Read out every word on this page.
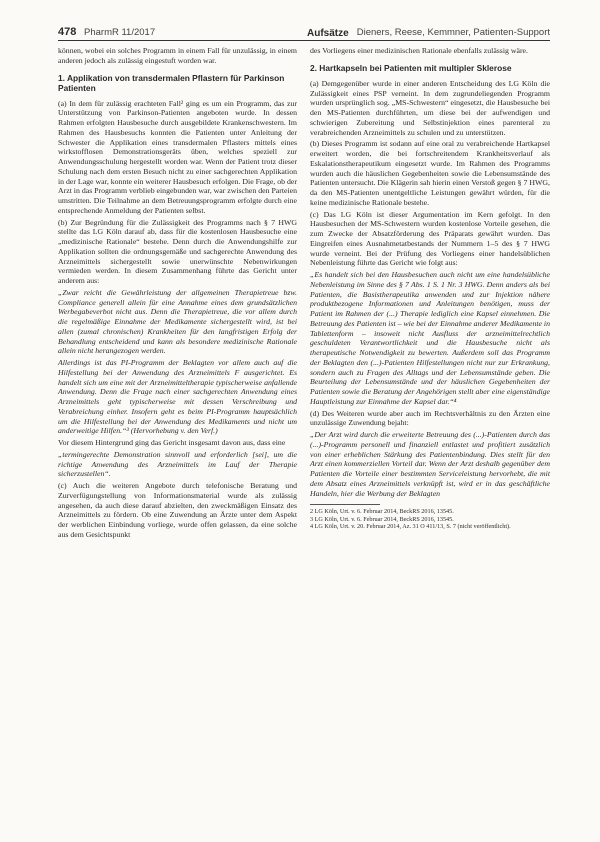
478 PharmR 11/2017	Aufsätze Dieners, Reese, Kemmner, Patienten-Support

können, wobei ein solches Programm in einem Fall für unzulässig, in einem anderen jedoch als zulässig eingestuft worden war.

1. Applikation von transdermalen Pflastern für Parkinson Patienten

(a) In dem für zulässig erachteten Fall² ging es um ein Programm, das zur Unterstützung von Parkinson-Patienten angeboten wurde. In dessen Rahmen erfolgten Hausbesuche durch ausgebildete Krankenschwestern. Im Rahmen des Hausbesuchs konnten die Patienten unter Anleitung der Schwester die Applikation eines transdermalen Pflasters mittels eines wirkstofflosen Demonstrationsgeräts üben, welches speziell zur Anwendungsschulung hergestellt worden war. Wenn der Patient trotz dieser Schulung nach dem ersten Besuch nicht zu einer sachgerechten Applikation in der Lage war, konnte ein weiterer Hausbesuch erfolgen. Die Frage, ob der Arzt in das Programm verblieb eingebunden war, war zwischen den Parteien umstritten. Die Teilnahme an dem Betreuungsprogramm erfolgte durch eine entsprechende Anmeldung der Patienten selbst.

(b) Zur Begründung für die Zulässigkeit des Programms nach § 7 HWG stellte das LG Köln darauf ab, dass für die kostenlosen Hausbesuche eine „medizinische Rationale“ bestehe. Denn durch die Anwendungshilfe zur Applikation sollten die ordnungsgemäße und sachgerechte Anwendung des Arzneimittels sichergestellt sowie unerwünschte Nebenwirkungen vermieden werden. In diesem Zusammenhang führte das Gericht unter anderem aus:

„Zwar reicht die Gewährleistung der allgemeinen Therapietreue bzw. Compliance generell allein für eine Annahme eines dem grundsätzlichen Werbegabeverbot nicht aus. Denn die Therapietreue, die vor allem durch die regelmäßige Einnahme der Medikamente sichergestellt wird, ist bei allen (zumal chronischen) Krankheiten für den langfristigen Erfolg der Behandlung entscheidend und kann als besondere medizinische Rationale allein nicht herangezogen werden.

Allerdings ist das PI-Programm der Beklagten vor allem auch auf die Hilfestellung bei der Anwendung des Arzneimittels F ausgerichtet. Es handelt sich um eine mit der Arzneimitteltherapie typischerweise anfallende Anwendung. Denn die Frage nach einer sachgerechten Anwendung eines Arzneimittels geht typischerweise mit dessen Verschreibung und Verabreichung einher. Insofern geht es beim PI-Programm hauptsächlich um die Hilfestellung bei der Anwendung des Medikaments und nicht um anderweitige Hilfen.“³ (Hervorhebung v. den Verf.)

Vor diesem Hintergrund ging das Gericht insgesamt davon aus, dass eine

„termingerechte Demonstration sinnvoll und erforderlich [sei], um die richtige Anwendung des Arzneimittels im Lauf der Therapie sicherzustellen“.

(c) Auch die weiteren Angebote durch telefonische Beratung und Zurverfügungstellung von Informationsmaterial wurde als zulässig angesehen, da auch diese darauf abzielten, den zweckmäßigen Einsatz des Arzneimittels zu fördern. Ob eine Zuwendung an Ärzte unter dem Aspekt der werblichen Einbindung vorliege, wurde offen gelassen, da eine solche aus dem Gesichtspunkt

des Vorliegens einer medizinischen Rationale ebenfalls zulässig wäre.

2. Hartkapseln bei Patienten mit multipler Sklerose

(a) Demgegenüber wurde in einer anderen Entscheidung des LG Köln die Zulässigkeit eines PSP verneint. In dem zugrundeliegenden Programm wurden ursprünglich sog. „MS-Schwestern“ eingesetzt, die Hausbesuche bei den MS-Patienten durchführten, um diese bei der aufwendigen und schwierigen Zubereitung und Selbstinjektion eines parenteral zu verabreichenden Arzneimittels zu schulen und zu unterstützen.

(b) Dieses Programm ist sodann auf eine oral zu verabreichende Hartkapsel erweitert worden, die bei fortschreitendem Krankheitsverlauf als Eskalationstherapeutikum eingesetzt wurde. Im Rahmen des Programms wurden auch die häuslichen Gegebenheiten sowie die Lebensumstände des Patienten untersucht. Die Klägerin sah hierin einen Verstoß gegen § 7 HWG, da den MS-Patienten unentgeltliche Leistungen gewährt würden, für die keine medizinische Rationale bestehe.

(c) Das LG Köln ist dieser Argumentation im Kern gefolgt. In den Hausbesuchen der MS-Schwestern wurden kostenlose Vorteile gesehen, die zum Zwecke der Absatzförderung des Präparats gewährt wurden. Das Eingreifen eines Ausnahmetatbestands der Nummern 1–5 des § 7 HWG wurde verneint. Bei der Prüfung des Vorliegens einer handelsüblichen Nebenleistung führte das Gericht wie folgt aus:

„Es handelt sich bei den Hausbesuchen auch nicht um eine handelsübliche Nebenleistung im Sinne des § 7 Abs. 1 S. 1 Nr. 3 HWG. Denn anders als bei Patienten, die Basistherapeutika anwenden und zur Injektion nähere produktbezogene Informationen und Anleitungen benötigen, muss der Patient im Rahmen der (...) Therapie lediglich eine Kapsel einnehmen. Die Betreuung des Patienten ist – wie bei der Einnahme anderer Medikamente in Tablettenform – insoweit nicht Ausfluss der arzneimittelrechtlich geschuldeten Verantwortlichkeit und die Hausbesuche nicht als therapeutische Notwendigkeit zu bewerten. Außerdem soll das Programm der Beklagten den (...)-Patienten Hilfestellungen nicht nur zur Erkrankung, sondern auch zu Fragen des Alltags und der Lebensumstände geben. Die Beurteilung der Lebensumstände und der häuslichen Gegebenheiten der Patienten sowie die Beratung der Angehörigen stellt aber eine eigenständige Hauptleistung zur Einnahme der Kapsel dar.“⁴

(d) Des Weiteren wurde aber auch im Rechtsverhältnis zu den Ärzten eine unzulässige Zuwendung bejaht:

„Der Arzt wird durch die erweiterte Betreuung des (...)-Patienten durch das (...)-Programm personell und finanziell entlastet und profitiert zusätzlich von einer erheblichen Stärkung des Patientenbindung. Dies stellt für den Arzt einen kommerziellen Vorteil dar. Wenn der Arzt deshalb gegenüber dem Patienten die Vorteile einer bestimmten Serviceleistung hervorhebt, die mit dem Absatz eines Arzneimittels verknüpft ist, wird er in das geschäftliche Handeln, hier die Werbung der Beklagten

2 LG Köln, Urt. v. 6. Februar 2014, BeckRS 2016, 13545.

3 LG Köln, Urt. v. 6. Februar 2014, BeckRS 2016, 13545.

4 LG Köln, Urt. v. 20. Februar 2014, Az. 31 O 411/13, S. 7 (nicht veröffentlicht).
